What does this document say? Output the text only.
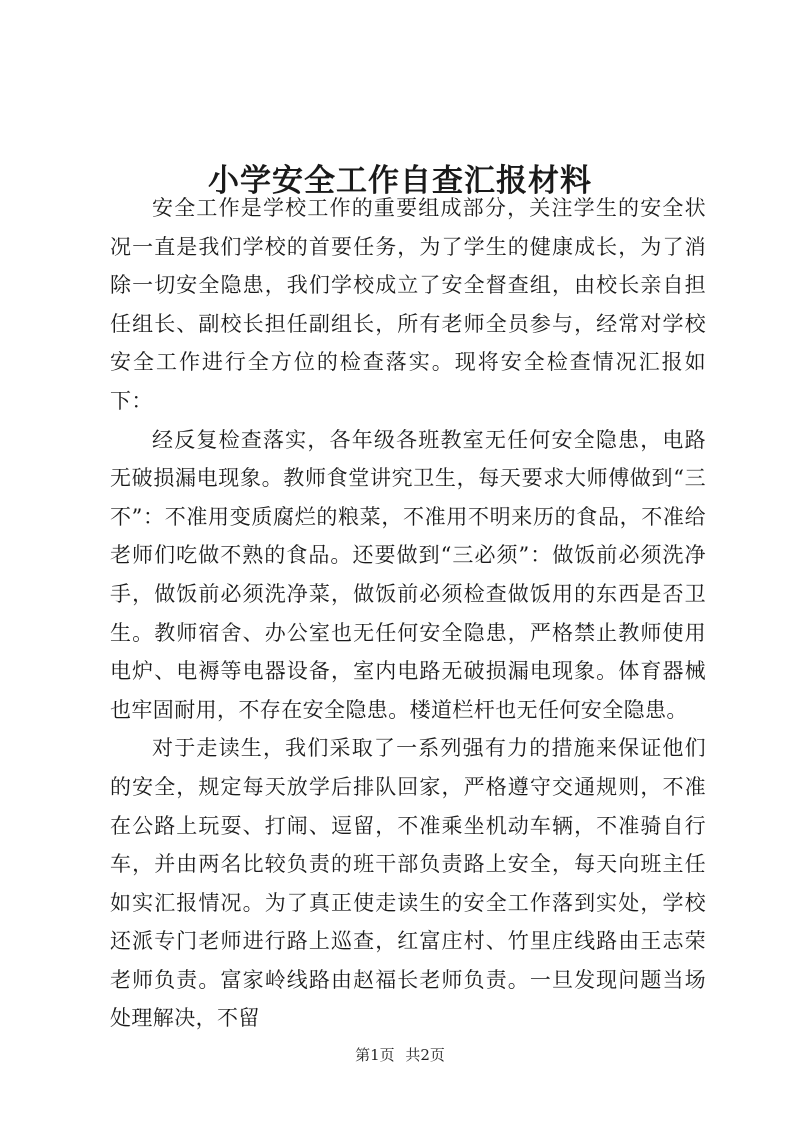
小学安全工作自查汇报材料

安全工作是学校工作的重要组成部分，关注学生的安全状况一直是我们学校的首要任务，为了学生的健康成长，为了消除一切安全隐患，我们学校成立了安全督查组，由校长亲自担任组长、副校长担任副组长，所有老师全员参与，经常对学校安全工作进行全方位的检查落实。现将安全检查情况汇报如下：

经反复检查落实，各年级各班教室无任何安全隐患，电路无破损漏电现象。教师食堂讲究卫生，每天要求大师傅做到“三不”：不准用变质腐烂的粮菜，不准用不明来历的食品，不准给老师们吃做不熟的食品。还要做到“三必须”：做饭前必须洗净手，做饭前必须洗净菜，做饭前必须检查做饭用的东西是否卫生。教师宿舍、办公室也无任何安全隐患，严格禁止教师使用电炉、电褥等电器设备，室内电路无破损漏电现象。体育器械也牢固耐用，不存在安全隐患。楼道栏杆也无任何安全隐患。

对于走读生，我们采取了一系列强有力的措施来保证他们的安全，规定每天放学后排队回家，严格遵守交通规则，不准在公路上玩耍、打闹、逗留，不准乘坐机动车辆，不准骑自行车，并由两名比较负责的班干部负责路上安全，每天向班主任如实汇报情况。为了真正使走读生的安全工作落到实处，学校还派专门老师进行路上巡查，红富庄村、竹里庄线路由王志荣老师负责。富家岭线路由赵福长老师负责。一旦发现问题当场处理解决，不留

第1页 共2页
